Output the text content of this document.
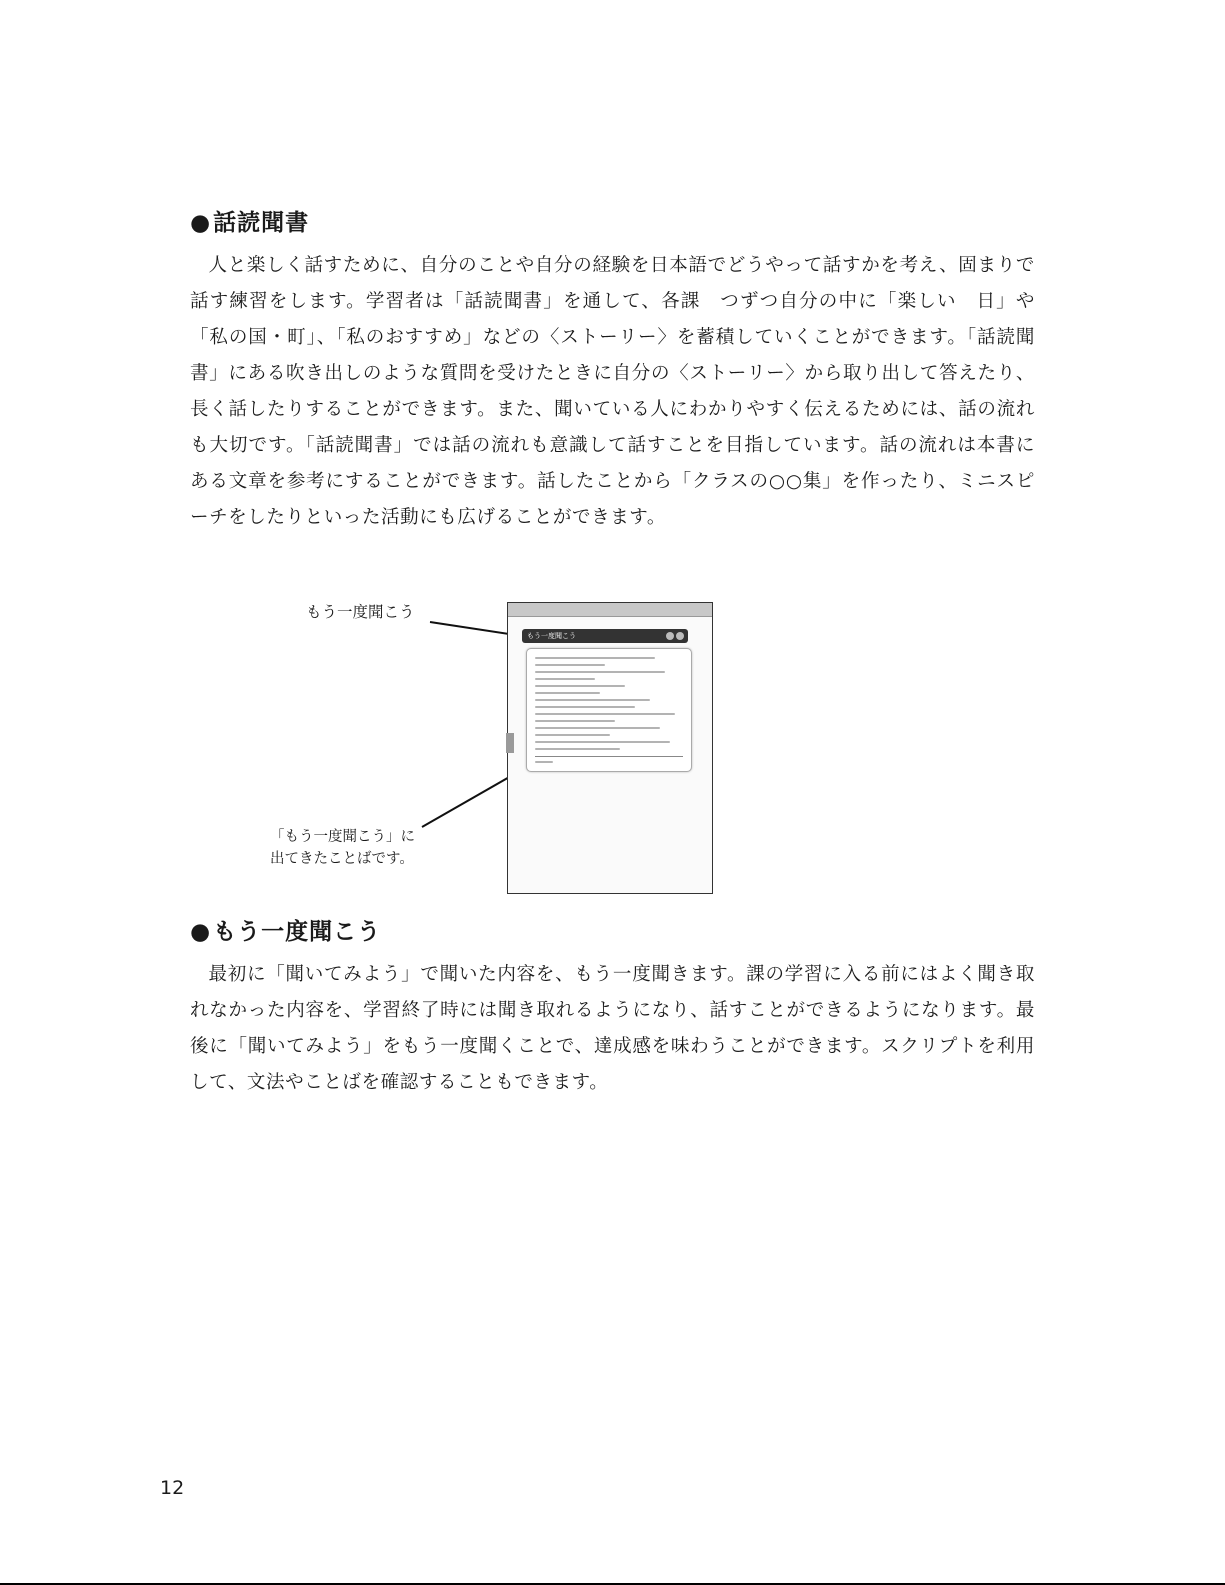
●話読聞書

人と楽しく話すために、自分のことや自分の経験を日本語でどうやって話すかを考え、固まりで話す練習をします。学習者は「話読聞書」を通して、各課　つずつ自分の中に「楽しい　日」や「私の国・町」、「私のおすすめ」などの〈ストーリー〉を蓄積していくことができます。「話読聞書」にある吹き出しのような質問を受けたときに自分の〈ストーリー〉から取り出して答えたり、長く話したりすることができます。また、聞いている人にわかりやすく伝えるためには、話の流れも大切です。「話読聞書」では話の流れも意識して話すことを目指しています。話の流れは本書にある文章を参考にすることができます。話したことから「クラスの○○集」を作ったり、ミニスピーチをしたりといった活動にも広げることができます。

もう一度聞こう
「もう一度聞こう」に
出てきたことばです。
もう一度聞こう

●もう一度聞こう

最初に「聞いてみよう」で聞いた内容を、もう一度聞きます。課の学習に入る前にはよく聞き取れなかった内容を、学習終了時には聞き取れるようになり、話すことができるようになります。最後に「聞いてみよう」をもう一度聞くことで、達成感を味わうことができます。スクリプトを利用して、文法やことばを確認することもできます。

12
